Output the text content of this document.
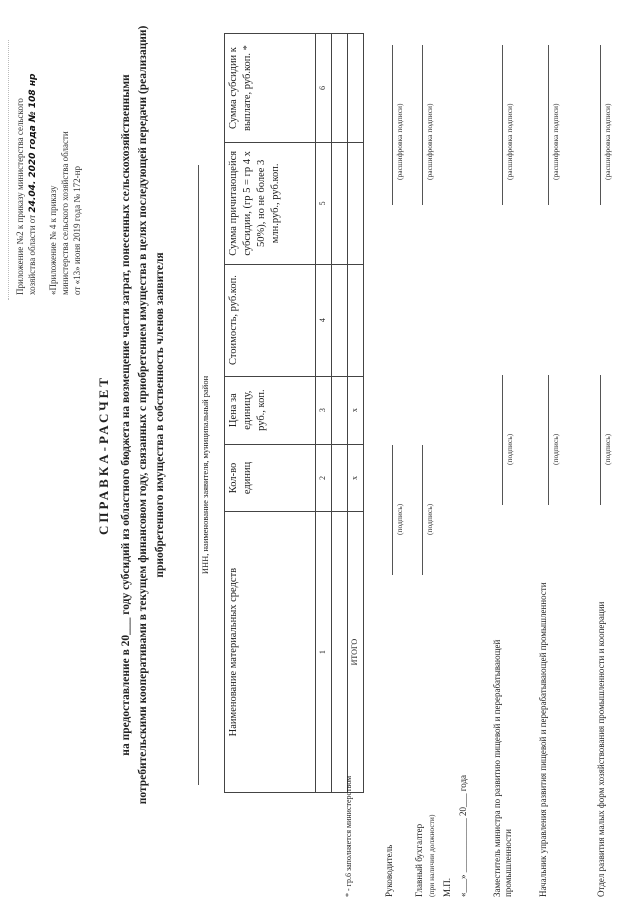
Приложение №2 к приказу министерства сельского хозяйства области от 24.04. 2020 года № 108 нр
«Приложение № 4 к приказу министерства сельского хозяйства области от «13» июня 2019 года № 172-нр
СПРАВКА-РАСЧЕТ на предоставление в 20___ году субсидий из областного бюджета на возмещение части затрат, понесенных сельскохозяйственными потребительскими кооперативами в текущем финансовом году, связанных с приобретением имущества в целях последующей передачи (реализации) приобретенного имущества в собственность членов заявителя	ИНН, наименование заявителя, муниципальный район
Наименование материальных средств	Кол-во единиц	Цена за единицу, руб., коп.	Стоимость, руб.коп.	Сумма причитающейся субсидии, (гр 5 = гр 4 х 50%), но не более 3 млн.руб., руб.коп.	Сумма субсидии к выплате, руб.коп. *
1	2	3	4	5	6

ИТОГО	х	х			
* - гр.6 заполняется министерством	Руководитель
(подпись)
(расшифровка подписи)
Главный бухгалтер (при наличии должности)
(подпись)
(расшифровка подписи)
М.П. «___» ____________ 20___ года	Заместитель министра по развитию пищевой и перерабатывающей промышленности
(подпись)
(расшифровка подписи)
Начальник управления развития пищевой и перерабатывающей промышленности
(подпись)
(расшифровка подписи)
Отдел развития малых форм хозяйствования промышленности и кооперации
(подпись)
(расшифровка подписи)
